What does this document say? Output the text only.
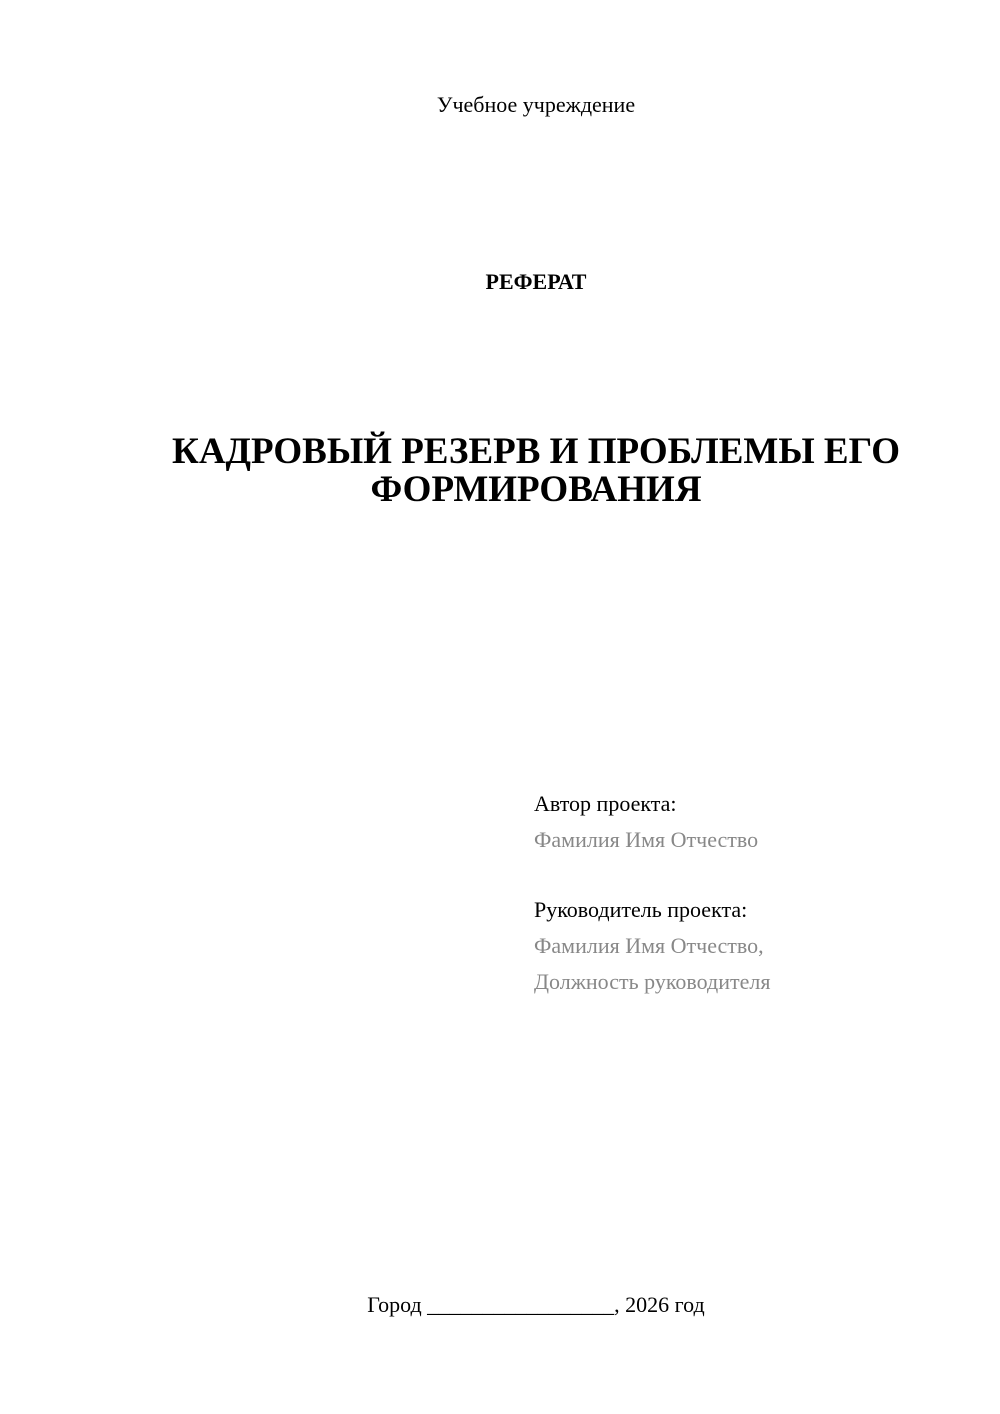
Учебное учреждение
РЕФЕРАТ
КАДРОВЫЙ РЕЗЕРВ И ПРОБЛЕМЫ ЕГО
ФОРМИРОВАНИЯ
Автор проекта:
Фамилия Имя Отчество
Руководитель проекта:
Фамилия Имя Отчество,
Должность руководителя
Город _________________, 2026 год
